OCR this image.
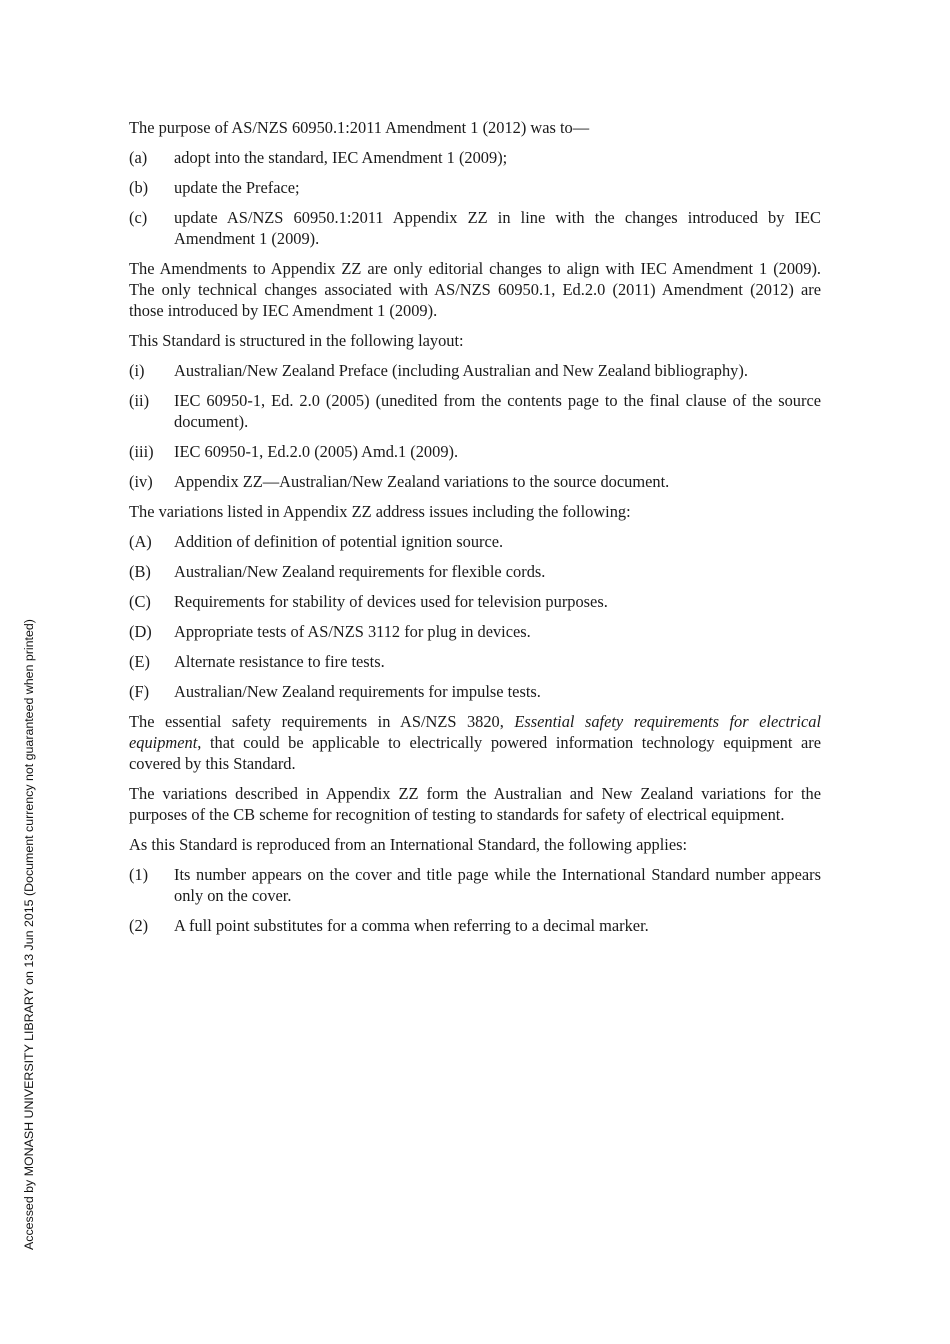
Accessed by MONASH UNIVERSITY LIBRARY on 13 Jun 2015 (Document currency not guaranteed when printed)

The purpose of AS/NZS 60950.1:2011 Amendment 1 (2012) was to—

(a)	adopt into the standard, IEC Amendment 1 (2009);
(b)	update the Preface;
(c)	update AS/NZS 60950.1:2011 Appendix ZZ in line with the changes introduced by IEC Amendment 1 (2009).

The Amendments to Appendix ZZ are only editorial changes to align with IEC Amendment 1 (2009). The only technical changes associated with AS/NZS 60950.1, Ed.2.0 (2011) Amendment (2012) are those introduced by IEC Amendment 1 (2009).

This Standard is structured in the following layout:

(i)	Australian/New Zealand Preface (including Australian and New Zealand bibliography).
(ii)	IEC 60950-1, Ed. 2.0 (2005) (unedited from the contents page to the final clause of the source document).
(iii)	IEC 60950-1, Ed.2.0 (2005) Amd.1 (2009).
(iv)	Appendix ZZ—Australian/New Zealand variations to the source document.

The variations listed in Appendix ZZ address issues including the following:

(A)	Addition of definition of potential ignition source.
(B)	Australian/New Zealand requirements for flexible cords.
(C)	Requirements for stability of devices used for television purposes.
(D)	Appropriate tests of AS/NZS 3112 for plug in devices.
(E)	Alternate resistance to fire tests.
(F)	Australian/New Zealand requirements for impulse tests.

The essential safety requirements in AS/NZS 3820, Essential safety requirements for electrical equipment, that could be applicable to electrically powered information technology equipment are covered by this Standard.

The variations described in Appendix ZZ form the Australian and New Zealand variations for the purposes of the CB scheme for recognition of testing to standards for safety of electrical equipment.

As this Standard is reproduced from an International Standard, the following applies:

(1)	Its number appears on the cover and title page while the International Standard number appears only on the cover.
(2)	A full point substitutes for a comma when referring to a decimal marker.
